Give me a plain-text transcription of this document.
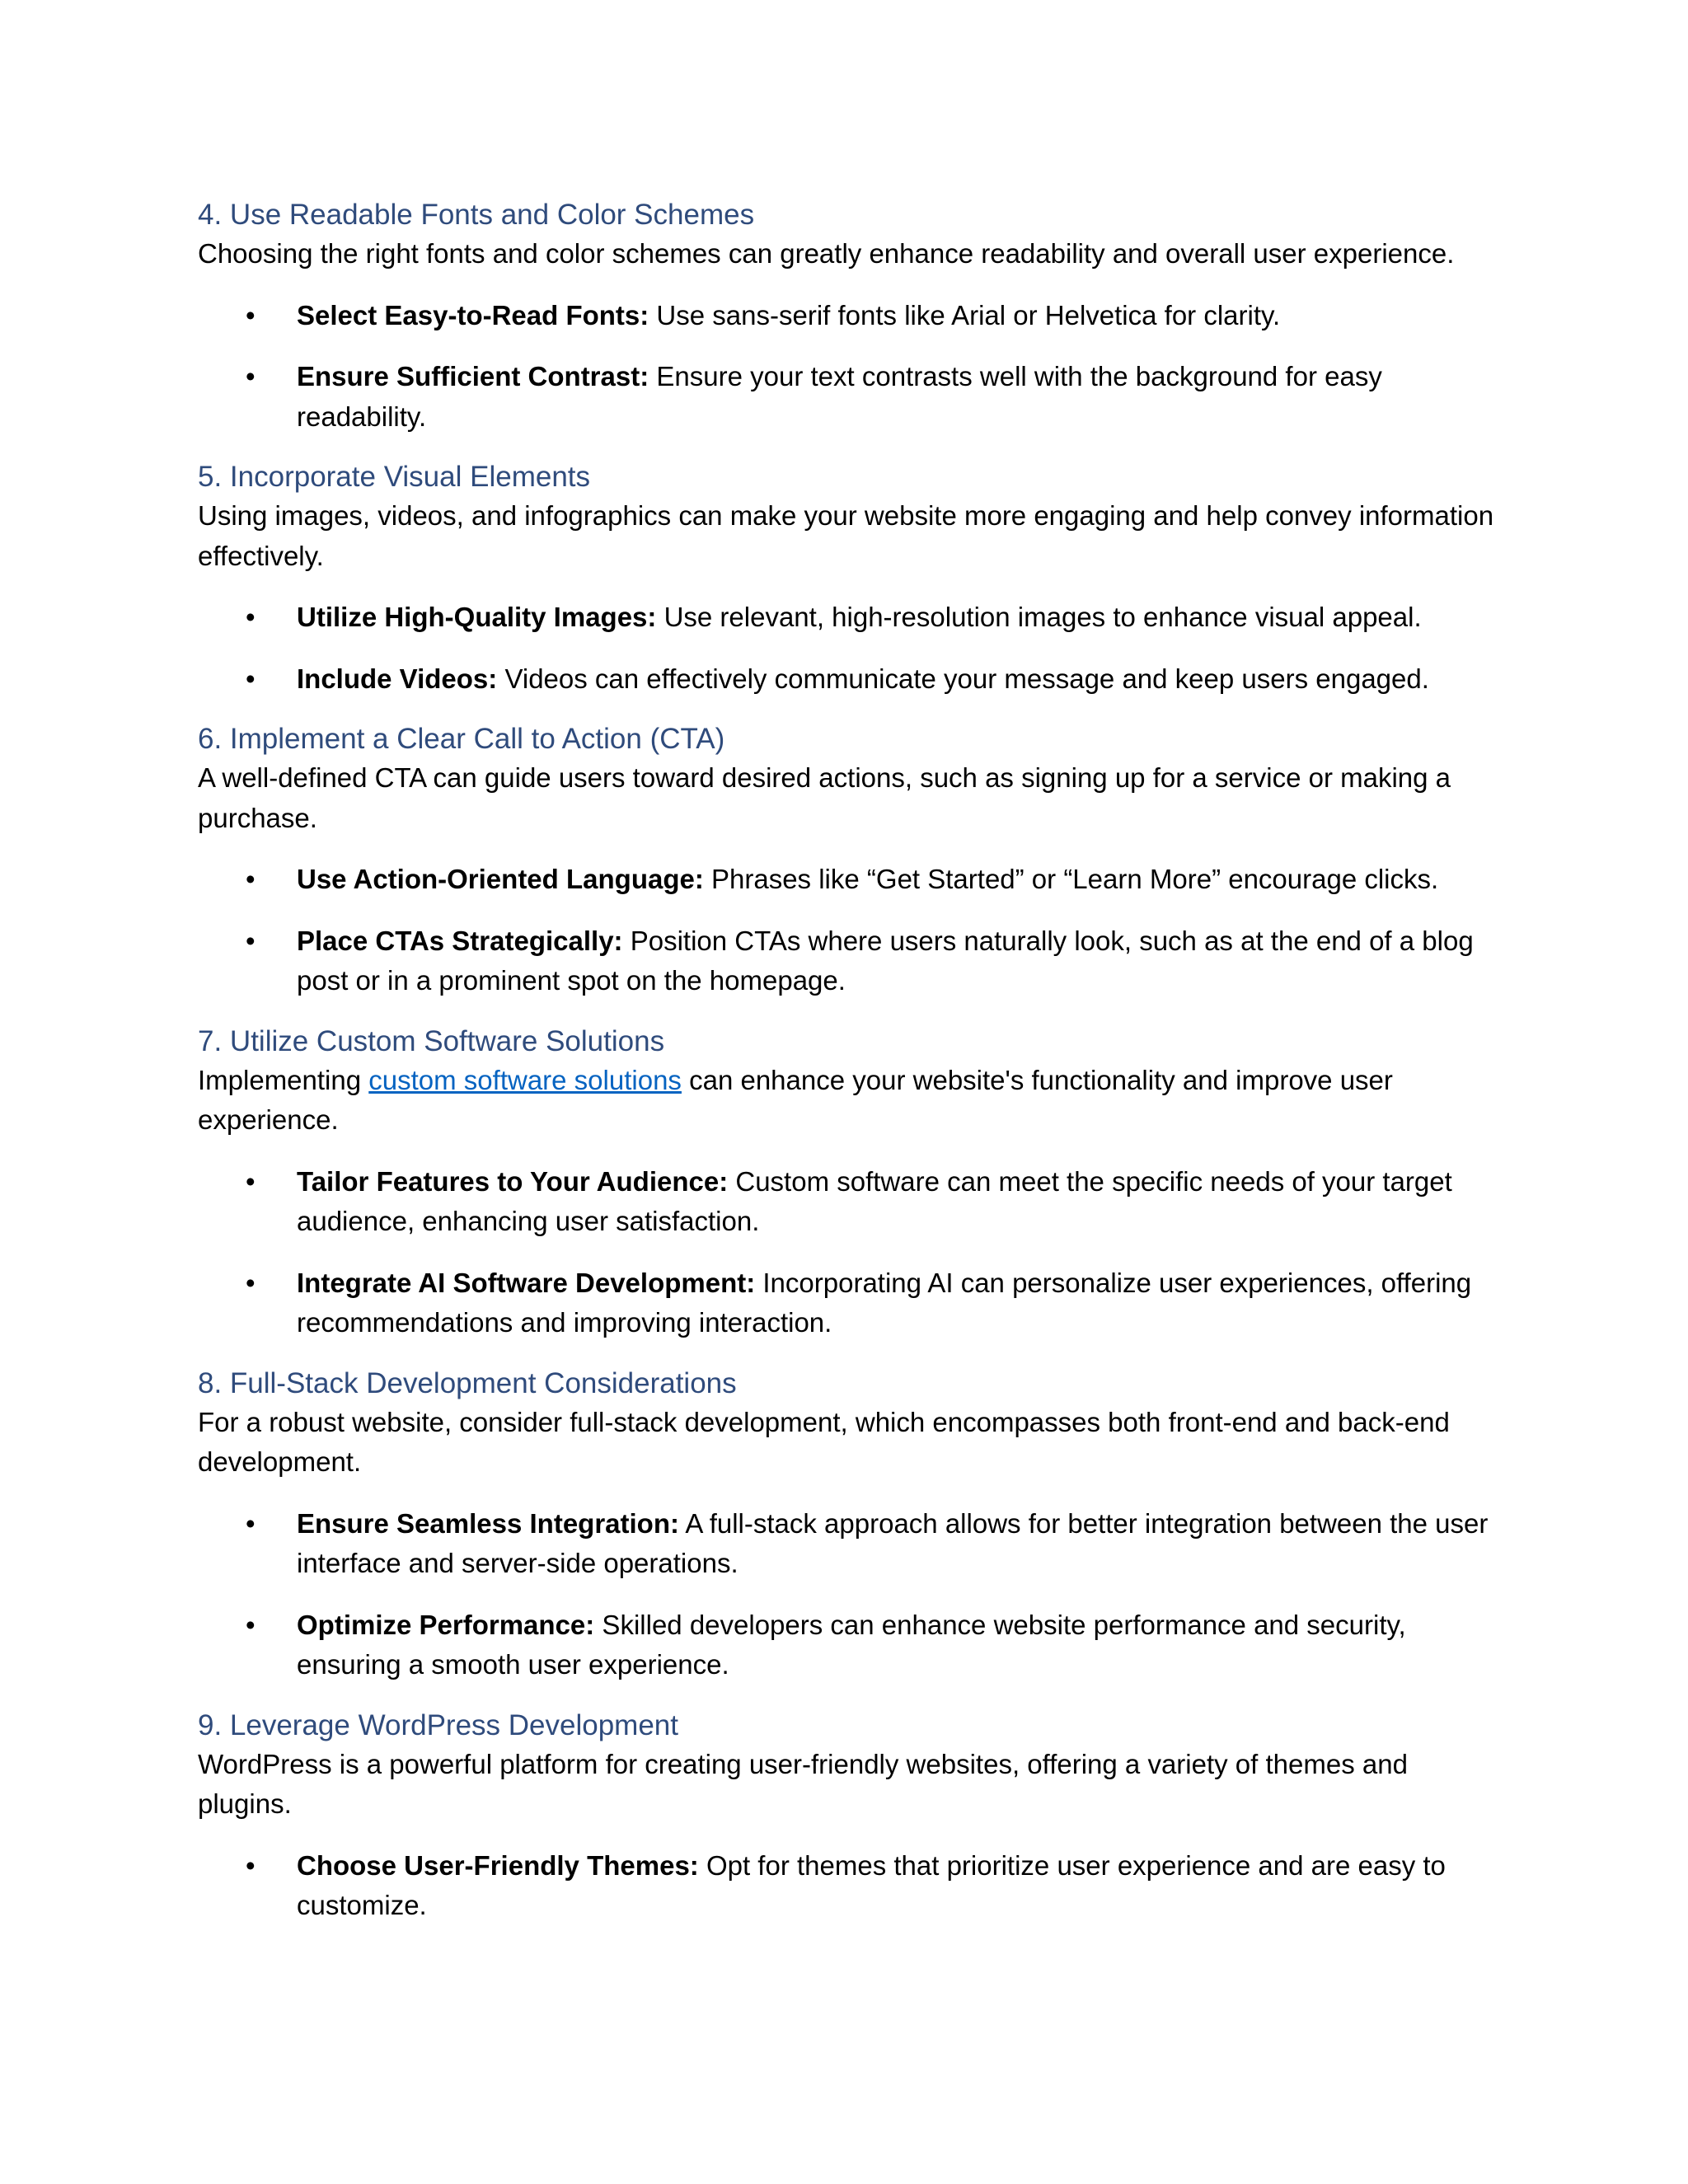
4. Use Readable Fonts and Color Schemes

Choosing the right fonts and color schemes can greatly enhance readability and overall user experience.

• Select Easy-to-Read Fonts: Use sans-serif fonts like Arial or Helvetica for clarity.
• Ensure Sufficient Contrast: Ensure your text contrasts well with the background for easy readability.
5. Incorporate Visual Elements

Using images, videos, and infographics can make your website more engaging and help convey information effectively.

• Utilize High-Quality Images: Use relevant, high-resolution images to enhance visual appeal.
• Include Videos: Videos can effectively communicate your message and keep users engaged.
6. Implement a Clear Call to Action (CTA)

A well-defined CTA can guide users toward desired actions, such as signing up for a service or making a purchase.

• Use Action-Oriented Language: Phrases like “Get Started” or “Learn More” encourage clicks.
• Place CTAs Strategically: Position CTAs where users naturally look, such as at the end of a blog post or in a prominent spot on the homepage.
7. Utilize Custom Software Solutions

Implementing custom software solutions can enhance your website's functionality and improve user experience.

• Tailor Features to Your Audience: Custom software can meet the specific needs of your target audience, enhancing user satisfaction.
• Integrate AI Software Development: Incorporating AI can personalize user experiences, offering recommendations and improving interaction.
8. Full-Stack Development Considerations

For a robust website, consider full-stack development, which encompasses both front-end and back-end development.

• Ensure Seamless Integration: A full-stack approach allows for better integration between the user interface and server-side operations.
• Optimize Performance: Skilled developers can enhance website performance and security, ensuring a smooth user experience.
9. Leverage WordPress Development

WordPress is a powerful platform for creating user-friendly websites, offering a variety of themes and plugins.

• Choose User-Friendly Themes: Opt for themes that prioritize user experience and are easy to customize.
